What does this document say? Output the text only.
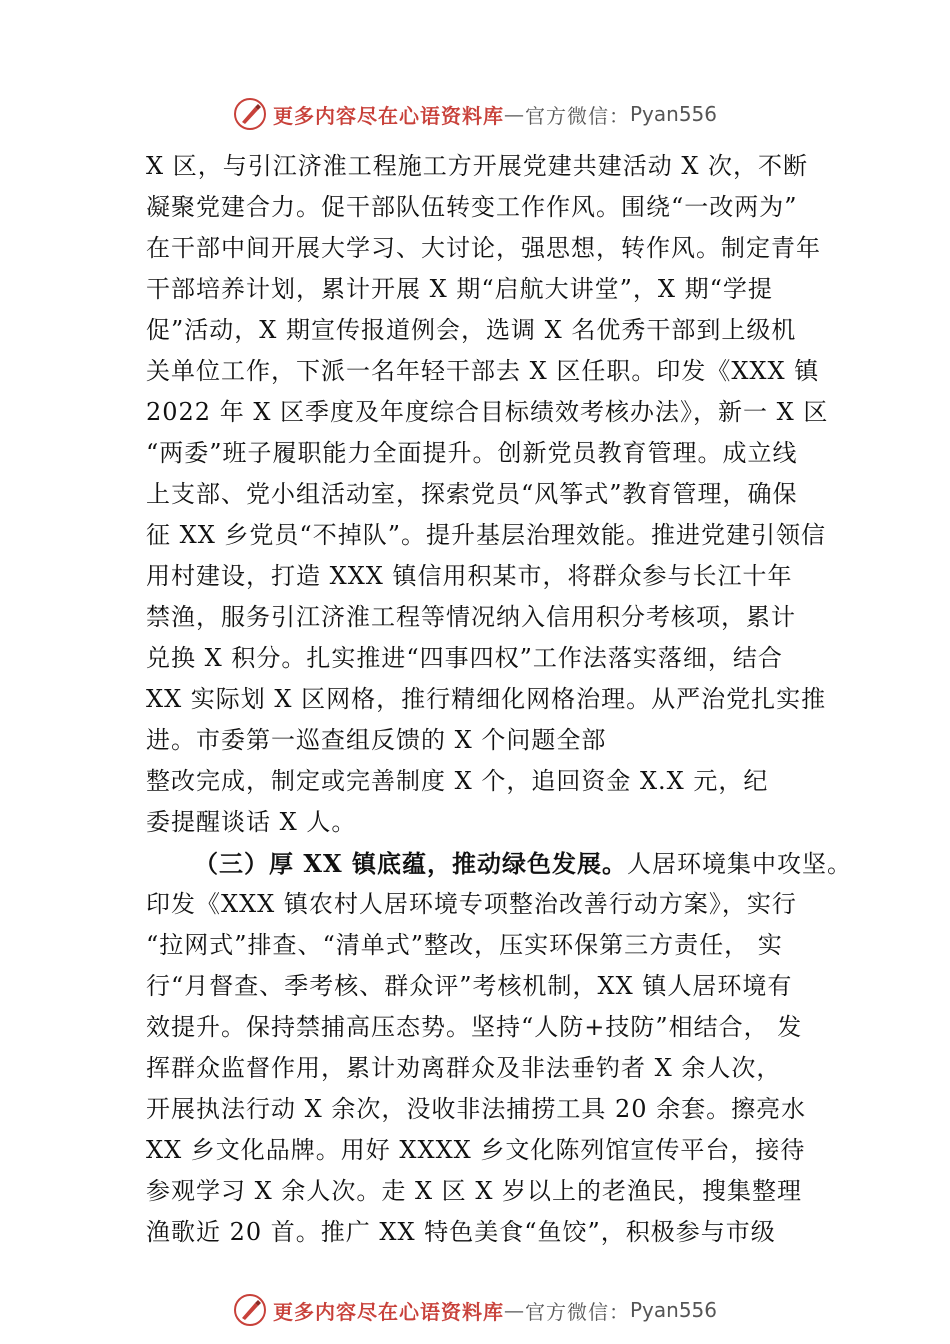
更多内容尽在心语资料库 — 官方微信： Pyan556
X 区，与引江济淮工程施工方开展党建共建活动 X 次，不断
凝聚党建合力。促干部队伍转变工作作风。围绕“一改两为”
在干部中间开展大学习、大讨论，强思想，转作风。制定青年
干部培养计划，累计开展 X 期“启航大讲堂”，X 期“学提
促”活动，X 期宣传报道例会，选调 X 名优秀干部到上级机
关单位工作，下派一名年轻干部去 X 区任职。印发《XXX 镇
2022 年 X 区季度及年度综合目标绩效考核办法》，新一 X 区
“两委”班子履职能力全面提升。创新党员教育管理。成立线
上支部、党小组活动室，探索党员“风筝式”教育管理，确保
征 XX 乡党员“不掉队”。提升基层治理效能。推进党建引领信
用村建设，打造 XXX 镇信用积某市，将群众参与长江十年
禁渔，服务引江济淮工程等情况纳入信用积分考核项，累计
兑换 X 积分。扎实推进“四事四权”工作法落实落细，结合
XX 实际划 X 区网格，推行精细化网格治理。从严治党扎实推
进。市委第一巡查组反馈的 X 个问题全部
整改完成，制定或完善制度 X 个，追回资金 X.X 元，纪
委提醒谈话 X 人。
（三）厚 XX 镇底蕴，推动绿色发展。人居环境集中攻坚。
印发《XXX 镇农村人居环境专项整治改善行动方案》，实行
“拉网式”排查、“清单式”整改，压实环保第三方责任， 实
行“月督查、季考核、群众评”考核机制，XX 镇人居环境有
效提升。保持禁捕高压态势。坚持“人防+技防”相结合， 发
挥群众监督作用，累计劝离群众及非法垂钓者 X 余人次，
开展执法行动 X 余次，没收非法捕捞工具 20 余套。擦亮水
XX 乡文化品牌。用好 XXXX 乡文化陈列馆宣传平台，接待
参观学习 X 余人次。走 X 区 X 岁以上的老渔民，搜集整理
渔歌近 20 首。推广 XX 特色美食“鱼饺”，积极参与市级
更多内容尽在心语资料库 — 官方微信： Pyan556
